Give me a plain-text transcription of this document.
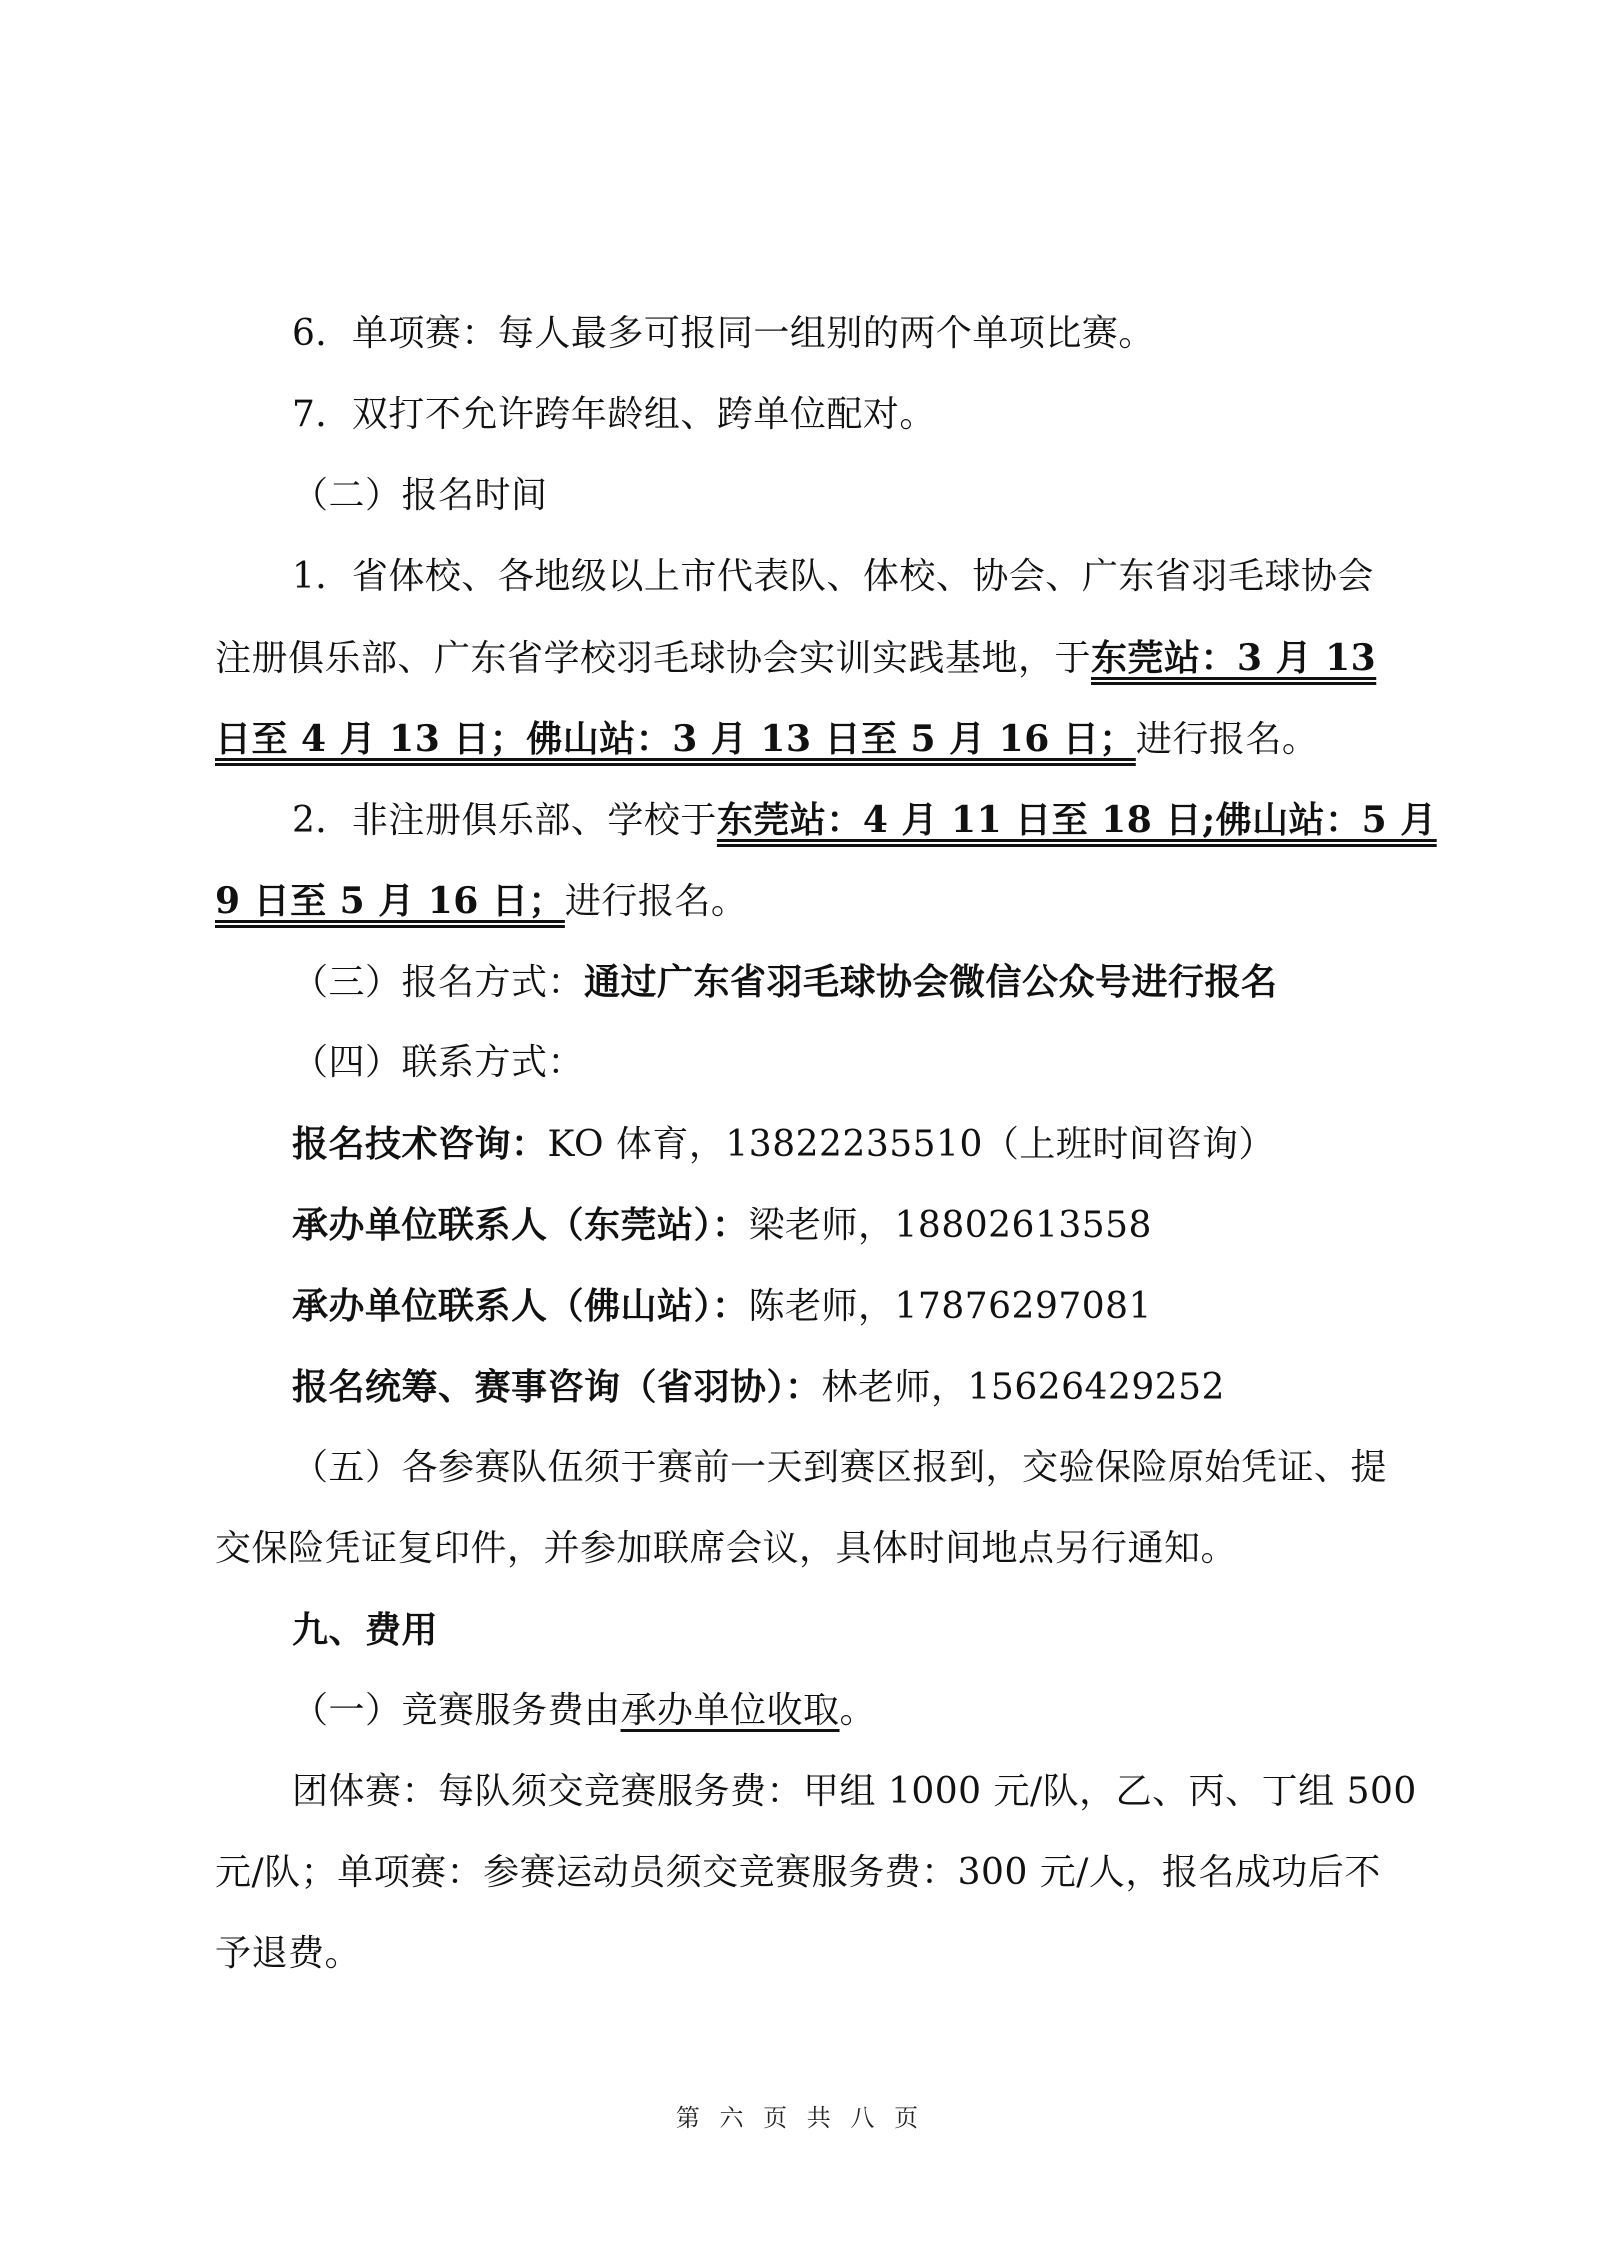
6．单项赛：每人最多可报同一组别的两个单项比赛。
7．双打不允许跨年龄组、跨单位配对。
（二）报名时间
1．省体校、各地级以上市代表队、体校、协会、广东省羽毛球协会
注册俱乐部、广东省学校羽毛球协会实训实践基地，于东莞站：3 月 13
日至 4 月 13 日；佛山站：3 月 13 日至 5 月 16 日；进行报名。
2．非注册俱乐部、学校于东莞站：4 月 11 日至 18 日;佛山站：5 月
9 日至 5 月 16 日；进行报名。
（三）报名方式：通过广东省羽毛球协会微信公众号进行报名
（四）联系方式：
报名技术咨询：KO 体育，13822235510（上班时间咨询）
承办单位联系人（东莞站）：梁老师，18802613558
承办单位联系人（佛山站）：陈老师，17876297081
报名统筹、赛事咨询（省羽协）：林老师，15626429252
（五）各参赛队伍须于赛前一天到赛区报到，交验保险原始凭证、提
交保险凭证复印件，并参加联席会议，具体时间地点另行通知。
九、费用
（一）竞赛服务费由承办单位收取。
团体赛：每队须交竞赛服务费：甲组 1000 元/队，乙、丙、丁组 500
元/队；单项赛：参赛运动员须交竞赛服务费：300 元/人，报名成功后不
予退费。
第 六 页 共 八 页
